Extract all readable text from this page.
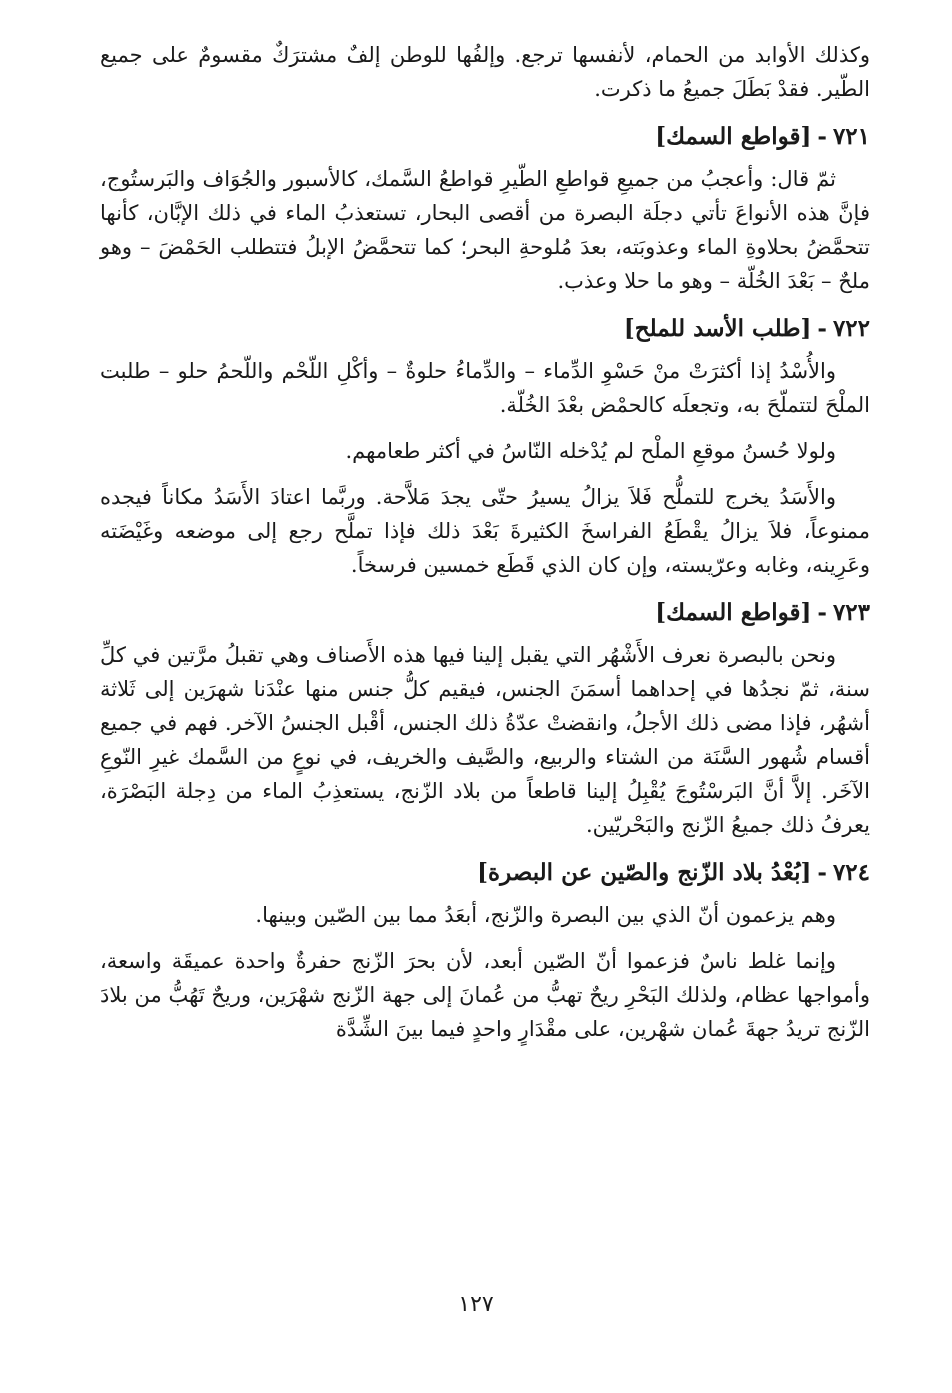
وكذلك الأوابد من الحمام، لأنفسها ترجع. وإلفُها للوطن إلفٌ مشترَكٌ مقسومٌ على جميع الطّير. فقدْ بَطَلَ جميعُ ما ذكرت.

٧٢١-[قواطع السمك]

ثمّ قال: وأعجبُ من جميعِ قواطعِ الطّيرِ قواطعُ السَّمك، كالأسبور والجُوَاف والبَرستُوج، فإنَّ هذه الأنواعَ تأتي دجلَة البصرة من أقصى البحار، تستعذبُ الماء في ذلك الإبَّان، كأنها تتحمَّضُ بحلاوةِ الماء وعذوبَته، بعدَ مُلوحةِ البحر؛ كما تتحمَّضُ الإبلُ فتتطلب الحَمْضَ – وهو ملحٌ – بَعْدَ الخُلّة – وهو ما حلا وعذب.

٧٢٢-[طلب الأسد للملح]

والأُسْدُ إذا أكثرَتْ منْ حَسْوِ الدِّماء – والدِّماءُ حلوةٌ – وأكْلِ اللّحْم واللّحمُ حلو – طلبت الملْحَ لتتملّحَ به، وتجعلَه كالحمْض بعْدَ الخُلّة.

ولولا حُسنُ موقعِ الملْح لم يُدْخله النّاسُ في أكثر طعامهم.

والأَسَدُ يخرج للتملُّح فَلاَ يزالُ يسيرُ حتّى يجدَ مَلاَّحة. وربَّما اعتادَ الأَسَدُ مكاناً فيجده ممنوعاً، فلاَ يزالُ يقْطَعُ الفراسخَ الكثيرةَ بَعْدَ ذلك فإذا تملَّح رجع إلى موضعه وغَيْضَته وعَرِينه، وغابه وعرّيسته، وإن كان الذي قَطَع خمسين فرسخاً.

٧٢٣-[قواطع السمك]

ونحن بالبصرة نعرف الأَشْهُر التي يقبل إلينا فيها هذه الأَصناف وهي تقبلُ مرَّتين في كلِّ سنة، ثمّ نجدُها في إحداهما أسمَنَ الجنس، فيقيم كلُّ جنس منها عنْدَنا شهرَين إلى ثَلاثة أشهُر، فإذا مضى ذلك الأجلُ، وانقضتْ عدّةُ ذلك الجنس، أقْبل الجنسُ الآخر. فهم في جميع أقسام شُهور السَّنَة من الشتاء والربيع، والصَّيف والخريف، في نوعٍ من السَّمك غيرِ النّوعِ الآخَر. إلاَّ أنَّ البَرسْتُوجَ يُقْبِلُ إلينا قاطعاً من بلاد الزّنج، يستعذِبُ الماء من دِجلة البَصْرَة، يعرفُ ذلك جميعُ الزّنج والبَحْريّين.

٧٢٤-[بُعْدُ بلاد الزّنج والصّين عن البصرة]

وهم يزعمون أنّ الذي بين البصرة والزّنج، أبعَدُ مما بين الصّين وبينها.

وإنما غلط ناسٌ فزعموا أنّ الصّين أبعد، لأن بحرَ الزّنج حفرةٌ واحدة عميقَة واسعة، وأمواجها عظام، ولذلك البَحْرِ ريحٌ تهبُّ من عُمانَ إلى جهة الزّنج شهْرَين، وريحٌ تَهُبُّ من بلادَ الزّنج تريدُ جهةَ عُمان شهْرين، على مقْدَارٍ واحدٍ فيما بينَ الشِّدَّة

١٢٧
